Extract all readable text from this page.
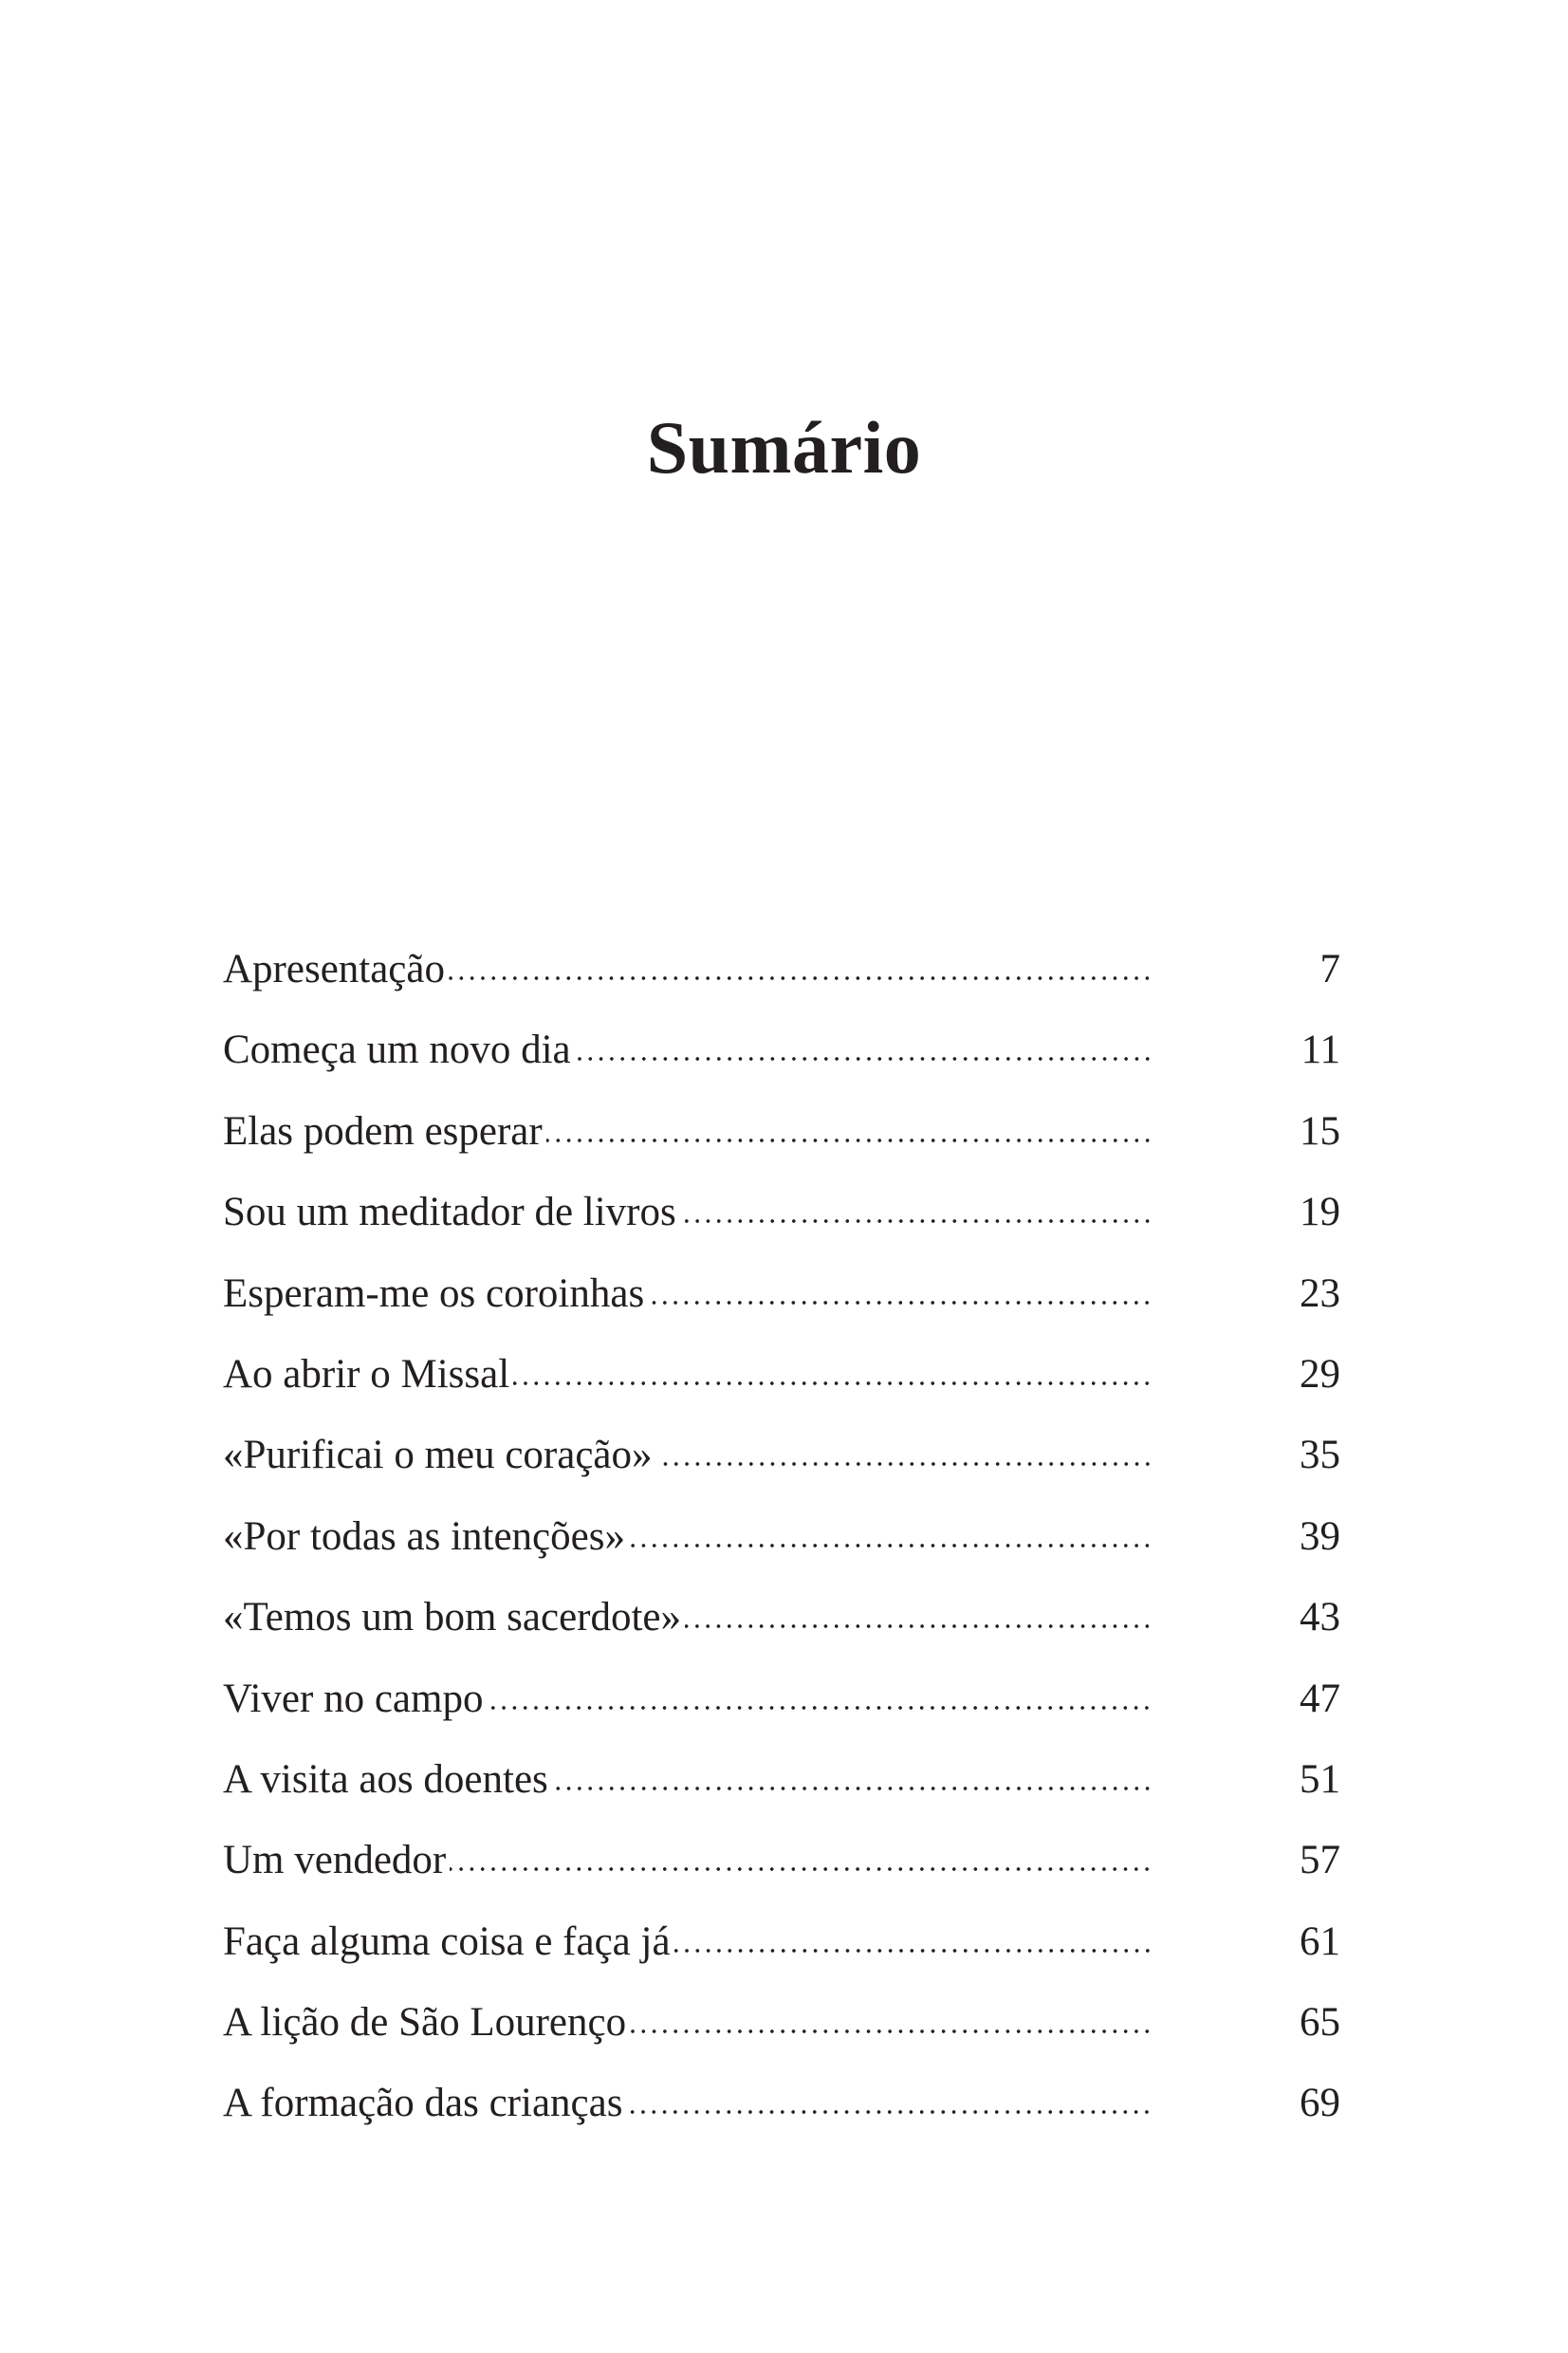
Sumário
Apresentação	7
Começa um novo dia	11
Elas podem esperar	15
Sou um meditador de livros	19
Esperam-me os coroinhas	23
Ao abrir o Missal	29
«Purificai o meu coração»	35
«Por todas as intenções»	39
«Temos um bom sacerdote»	43
Viver no campo	47
A visita aos doentes	51
Um vendedor	57
Faça alguma coisa e faça já	61
A lição de São Lourenço	65
A formação das crianças	69
